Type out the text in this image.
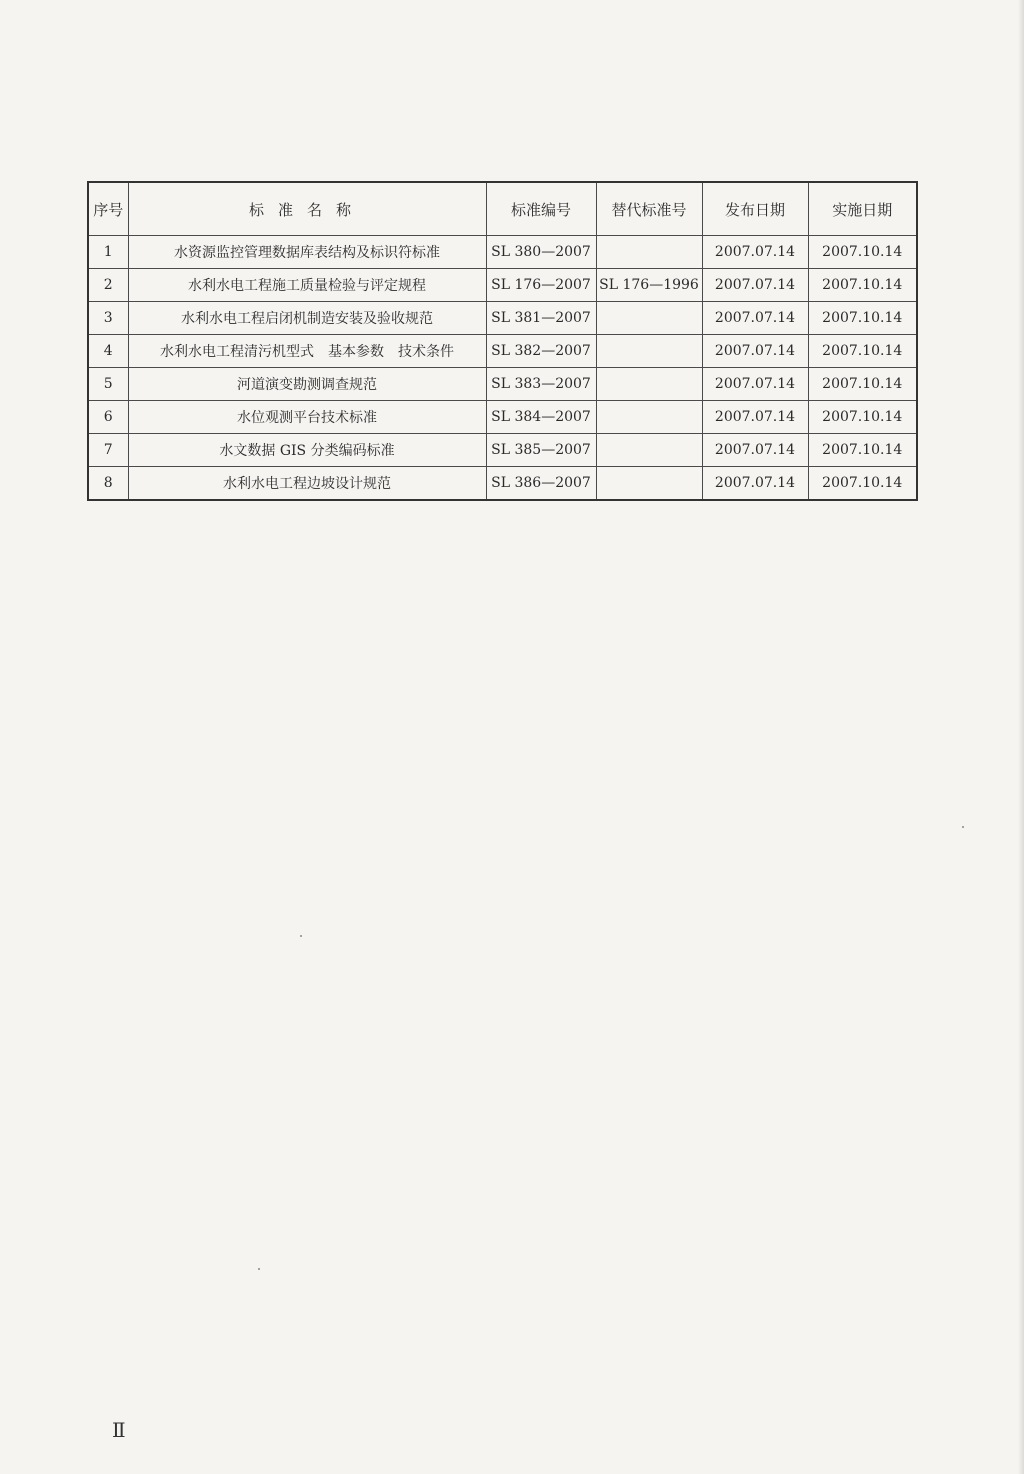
序号	标准名称	标准编号	替代标准号	发布日期	实施日期
1	水资源监控管理数据库表结构及标识符标准	SL 380—2007		2007.07.14	2007.10.14
2	水利水电工程施工质量检验与评定规程	SL 176—2007	SL 176—1996	2007.07.14	2007.10.14
3	水利水电工程启闭机制造安装及验收规范	SL 381—2007		2007.07.14	2007.10.14
4	水利水电工程清污机型式　基本参数　技术条件	SL 382—2007		2007.07.14	2007.10.14
5	河道演变勘测调查规范	SL 383—2007		2007.07.14	2007.10.14
6	水位观测平台技术标准	SL 384—2007		2007.07.14	2007.10.14
7	水文数据 GIS 分类编码标准	SL 385—2007		2007.07.14	2007.10.14
8	水利水电工程边坡设计规范	SL 386—2007		2007.07.14	2007.10.14
Ⅱ
